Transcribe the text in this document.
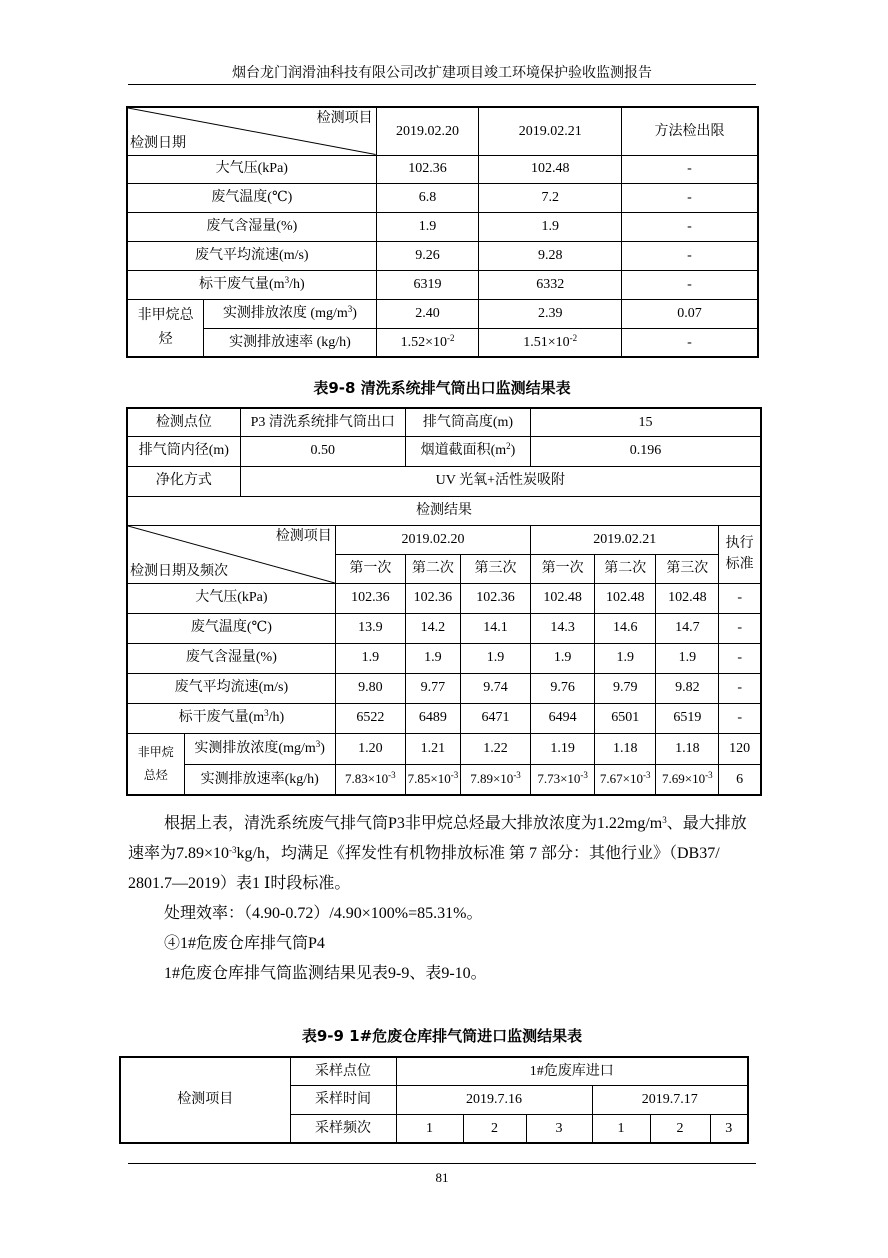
烟台龙门润滑油科技有限公司改扩建项目竣工环境保护验收监测报告
检测项目
检测日期		2019.02.20	2019.02.21	方法检出限
大气压(kPa)		102.36	102.48	-
废气温度(℃)		6.8	7.2	-
废气含湿量(%)		1.9	1.9	-
废气平均流速(m/s)		9.26	9.28	-
标干废气量$(m^3/h)$		6319	6332	-
非甲烷总烃	实测排放浓度 $(mg/m^3)$	2.40	2.39	0.07
	实测排放速率 (kg/h)	$1.52\times 10^{-2}$	$1.51\times 10^{-2}$	-
表9-8 清洗系统排气筒出口监测结果表
检测点位		P3 清洗系统排气筒出口		排气筒高度(m)		15			
排气筒内径(m)		0.50		烟道截面积$(m^2)$		0.196			
净化方式		UV 光氧+活性炭吸附							
检测结果									

检测项目
检测日期及频次			2019.02.20			2019.02.21			执行标准
			第一次	第二次	第三次	第一次	第二次	第三次	
大气压(kPa)			102.36	102.36	102.36	102.48	102.48	102.48	-
废气温度(℃)			13.9	14.2	14.1	14.3	14.6	14.7	-
废气含湿量(%)			1.9	1.9	1.9	1.9	1.9	1.9	-
废气平均流速(m/s)			9.80	9.77	9.74	9.76	9.79	9.82	-
标干废气量$(m^3/h)$			6522	6489	6471	6494	6501	6519	-
非甲烷总烃	实测排放浓度$(mg/m^3)$		1.20	1.21	1.22	1.19	1.18	1.18	120
	实测排放速率(kg/h)		$7.83\times 10^{-3}$	$7.85\times 10^{-3}$	$7.89\times 10^{-3}$	$7.73\times 10^{-3}$	$7.67\times 10^{-3}$	$7.69\times 10^{-3}$	6

根据上表，清洗系统废气排气筒P3非甲烷总烃最大排放浓度为$1.22mg/m^3$、最大排放速率为$7.89\times 10^{-3}kg/h$，均满足《挥发性有机物排放标准 第 7 部分：其他行业》（DB37/ 2801.7—2019）表1 Ⅰ时段标准。

处理效率：（4.90-0.72）/4.90×100%=85.31%。

④1#危废仓库排气筒P4

1#危废仓库排气筒监测结果见表9-9、表9-10。

表9-9 1#危废仓库排气筒进口监测结果表
检测项目	采样点位	1#危废库进口					
	采样时间	2019.7.16			2019.7.17		
	采样频次	1	2	3	1	2	3
81
